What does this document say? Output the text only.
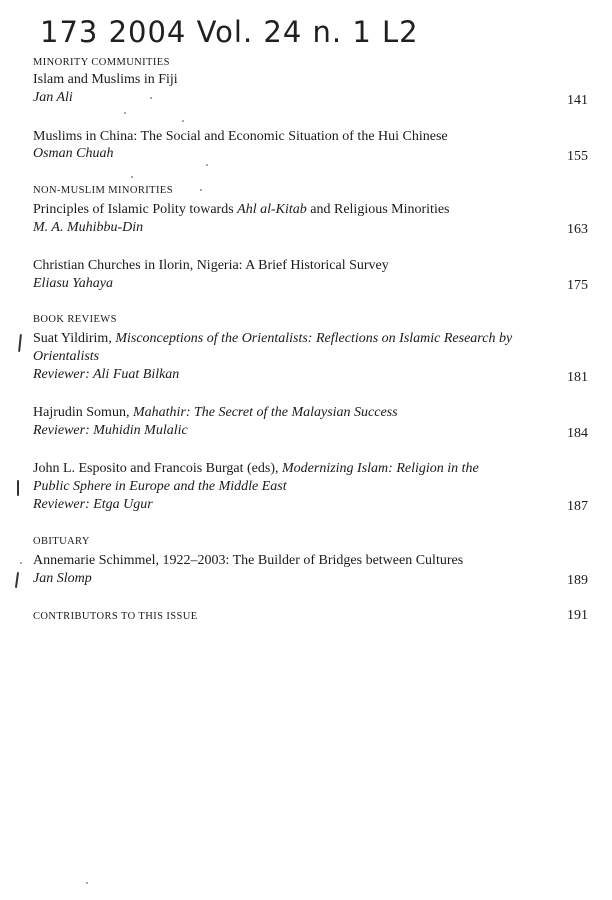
173 2004 Vol. 24 n. 1 L2
MINORITY COMMUNITIES
Islam and Muslims in Fiji
Jan Ali	141
Muslims in China: The Social and Economic Situation of the Hui Chinese
Osman Chuah	155
NON-MUSLIM MINORITIES
Principles of Islamic Polity towards Ahl al-Kitab and Religious Minorities
M. A. Muhibbu-Din	163
Christian Churches in Ilorin, Nigeria: A Brief Historical Survey
Eliasu Yahaya	175
BOOK REVIEWS
Suat Yildirim, Misconceptions of the Orientalists: Reflections on Islamic Research by
Orientalists
Reviewer: Ali Fuat Bilkan	181
Hajrudin Somun, Mahathir: The Secret of the Malaysian Success
Reviewer: Muhidin Mulalic	184
John L. Esposito and Francois Burgat (eds), Modernizing Islam: Religion in the
Public Sphere in Europe and the Middle East
Reviewer: Etga Ugur	187
OBITUARY
Annemarie Schimmel, 1922–2003: The Builder of Bridges between Cultures
Jan Slomp	189
CONTRIBUTORS TO THIS ISSUE	191
